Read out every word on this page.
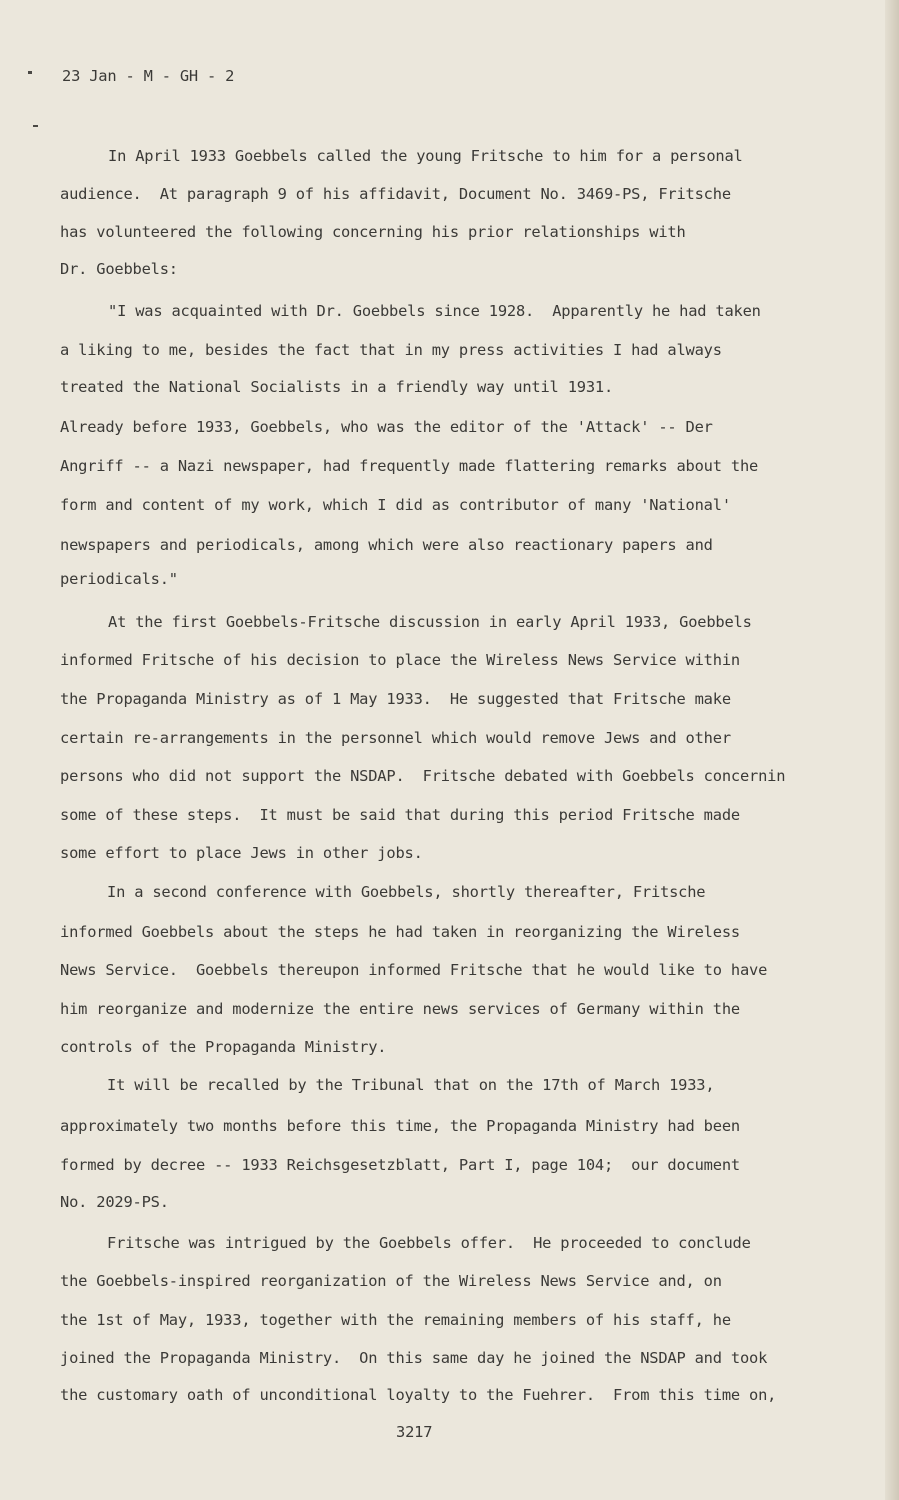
23 Jan - M - GH - 2
In April 1933 Goebbels called the young Fritsche to him for a personal
audience.  At paragraph 9 of his affidavit, Document No. 3469-PS, Fritsche
has volunteered the following concerning his prior relationships with
Dr. Goebbels:
"I was acquainted with Dr. Goebbels since 1928.  Apparently he had taken
a liking to me, besides the fact that in my press activities I had always
treated the National Socialists in a friendly way until 1931.
Already before 1933, Goebbels, who was the editor of the 'Attack' -- Der
Angriff -- a Nazi newspaper, had frequently made flattering remarks about the
form and content of my work, which I did as contributor of many 'National'
newspapers and periodicals, among which were also reactionary papers and
periodicals."
At the first Goebbels-Fritsche discussion in early April 1933, Goebbels
informed Fritsche of his decision to place the Wireless News Service within
the Propaganda Ministry as of 1 May 1933.  He suggested that Fritsche make
certain re-arrangements in the personnel which would remove Jews and other
persons who did not support the NSDAP.  Fritsche debated with Goebbels concernin
some of these steps.  It must be said that during this period Fritsche made
some effort to place Jews in other jobs.
In a second conference with Goebbels, shortly thereafter, Fritsche
informed Goebbels about the steps he had taken in reorganizing the Wireless
News Service.  Goebbels thereupon informed Fritsche that he would like to have
him reorganize and modernize the entire news services of Germany within the
controls of the Propaganda Ministry.
It will be recalled by the Tribunal that on the 17th of March 1933,
approximately two months before this time, the Propaganda Ministry had been
formed by decree -- 1933 Reichsgesetzblatt, Part I, page 104;  our document
No. 2029-PS.
Fritsche was intrigued by the Goebbels offer.  He proceeded to conclude
the Goebbels-inspired reorganization of the Wireless News Service and, on
the 1st of May, 1933, together with the remaining members of his staff, he
joined the Propaganda Ministry.  On this same day he joined the NSDAP and took
the customary oath of unconditional loyalty to the Fuehrer.  From this time on,
3217
